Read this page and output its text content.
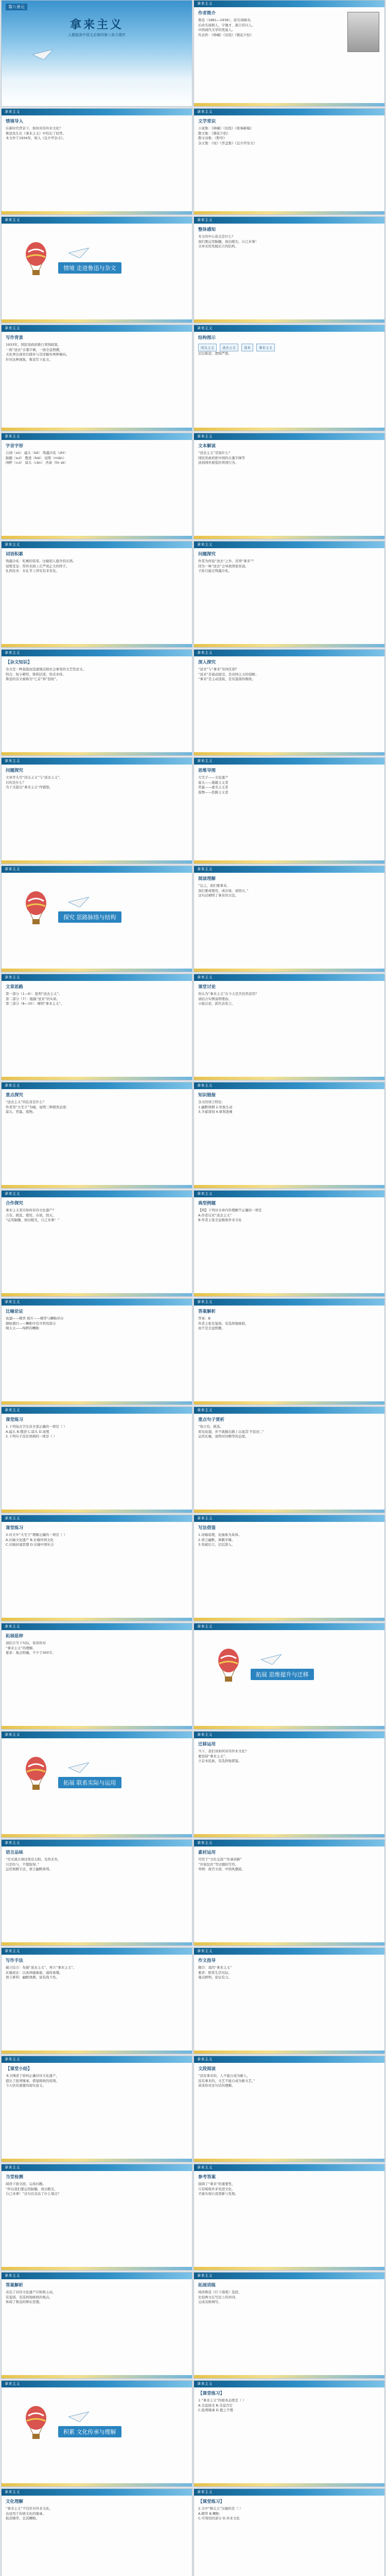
第八单元
拿来主义
人教版高中语文必修四第八单元课件
拿来主义
情境导入
在新时代背景下，如何对待外来文化？
鲁迅先生在《拿来主义》中给出了回答。
本文作于1934年，收入《且介亭杂文》。
拿来主义
情境 走进鲁迅与杂文
拿来主义
写作背景
1933年，国民党政府推行卖国政策，
一面“送去”古董字画，一面全盘照搬，
文化界出现盲目排外与崇洋媚外两种倾向。
针对这种现象，鲁迅写下此文。
拿来主义
字音字形
自诩（xǔ） 磕头（kē） 残羹冷炙（zhì）
脑髓（suǐ） 蹩进（bié） 冠冕（miǎn）
国粹（cuì） 孱头（càn） 吝啬（lìn sè）
拿来主义
词语积累
残羹冷炙：吃剩的饭菜，比喻别人施舍的东西。
冠冕堂皇：形容表面上庄严或正大的样子。
礼尚往来：在礼节上讲究有来有往。
拿来主义
【杂文知识】
杂文是一种直接而迅速地反映社会事变的文艺性论文。
特点：短小精悍，锋利活泼，形式多样。
鲁迅的杂文被称为“匕首”和“投枪”。
拿来主义
问题探究
文章开头写“闭关主义”与“送去主义”，
目的是什么？
为下文提出“拿来主义”作铺垫。
拿来主义
探究 思路脉络与结构
拿来主义
文章思路
第一部分（1—6）：批判“送去主义”。
第二部分（7）：揭露“送来”的实质。
第三部分（8—10）：阐明“拿来主义”。
拿来主义
重点探究
“送去主义”的危害是什么？
作者用“大宅子”为喻，说明三种错误态度：
孱头、昏蛋、废物。
拿来主义
合作探究
拿来主义者应如何对待文化遗产？
占有、挑选、使用、存放、毁灭。
“运用脑髓，放出眼光，自己来拿！”
拿来主义
比喻论证
鱼翅——精华 鸦片——精华与糟粕并存
烟枪烟灯——糟粕中有可利用部分
姨太太——纯粹的糟粕
拿来主义
课堂练习
1.下列加点字注音全部正确的一项是（ ）
A.磕头 B.蹩进 C.孱头 D.冠冕
2.下列句子没有语病的一项是（ ）
拿来主义
课堂练习
3.对文中“大宅子”理解正确的一项是（ ）
A.比喻文化遗产 B.比喻外国文化
C.比喻封建思想 D.比喻中国社会
拿来主义
拓展延伸
请结合当下实际，谈谈你对
“拿来主义”的理解。
要求：观点明确，不少于300字。
拿来主义
拓展 联系实际与运用
拿来主义
语言品味
“尼采就自诩过他是太阳，光热无穷，
只是给与，不想取得。”
运用讽刺手法，语言幽默犀利。
拿来主义
写作手法
破立结合：先破“送去主义”，再立“拿来主义”。
比喻论证：以具体喻抽象，通俗易懂。
语言犀利：幽默讽刺，富有战斗性。
拿来主义
【课堂小结】
本文阐述了如何正确对待文化遗产，
提出了批判继承、借鉴吸收的原则。
今天仍有重要的现实意义。
拿来主义
当堂检测
阅读下面文段，完成问题。
“所以我们要运用脑髓，放出眼光，
自己来拿！”这句话表达了什么观点？
拿来主义
答案解析
表达了对待文化遗产应积极主动，
有鉴别、有选择地吸收的观点。
体现了鲁迅的辩证思想。
拿来主义
积累 文化传承与理解
拿来主义
文化理解
“拿来主义”不仅针对外来文化，
也适用于传统文化的继承。
取其精华，去其糟粕。
拿来主义
作者简介
鲁迅（1881—1936），原名周樟寿，
后改名周树人，字豫才，浙江绍兴人。
中国现代文学的奠基人。
代表作：《呐喊》《彷徨》《朝花夕拾》
拿来主义
文学常识
小说集：《呐喊》《彷徨》《故事新编》
散文集：《朝花夕拾》
散文诗集：《野草》
杂文集：《坟》《华盖集》《且介亭杂文》
拿来主义
整体感知
本文的中心论点是什么？
我们要运用脑髓，放出眼光，自己来拿！
文章采用先破后立的结构。
拿来主义
结构图示
闭关主义	送去主义	送来	拿来主义
层层推进，逻辑严密。
拿来主义
文本解读
“送去主义”是指什么？
国民党政府把中国的古董字画等
送到国外展览的卖国行为。
拿来主义
问题探究
作者为何说“送去”之外，还得“拿来”？
因为一味“送去”会导致国家贫弱，
子孙只能讨残羹冷炙。
拿来主义
深入探究
“送来”与“拿来”有何区别？
“送来”是被动接受，是帝国主义的侵略；
“拿来”是主动选取，是有鉴别的吸收。
拿来主义
思维导图
大宅子——文化遗产
孱头——逃避主义者
昏蛋——虚无主义者
废物——投降主义者
拿来主义
阅读理解
“总之，我们要拿来。
我们要或使用，或存放，或毁灭。”
这句话阐明了拿来的方法。
拿来主义
课堂讨论
你认为“拿来主义”在今天是否仍然适用？
请结合实例说明理由。
小组讨论，派代表发言。
拿来主义
知识链接
杂文的语言特色：
1.幽默讽刺 2.形象生动
3.含蓄深刻 4.犀利泼辣
拿来主义
典型例题
【例】下列对文章内容理解不正确的一项是
A.作者反对“送去主义”
B.作者主张全盘吸收外来文化
拿来主义
答案解析
答案：B
作者主张有鉴别、有选择地吸收，
而不是全盘照搬。
拿来主义
重点句子赏析
“他占有，挑选。
看见鱼翅，并不就抛在路上以显其‘平民化’。”
运用比喻，说明对待精华的态度。
拿来主义
写法借鉴
1.设喻说理，化抽象为具体。
2.语言幽默，讽刺辛辣。
3.先破后立，层层深入。
拿来主义
拓展 思维提升与迁移
拿来主义
迁移运用
当下，我们该如何对待外来文化？
要坚持“拿来主义”，
立足本民族，有选择地借鉴。
拿来主义
素材运用
可用于“文化交流”“传承创新”
“开放包容”等话题的写作。
举例：故宫文创、中国风潮流。
拿来主义
作文指导
题目：我的“拿来主义”
要求：联系生活实际，
观点鲜明，论证有力。
拿来主义
文段阅读
“没有拿来的，人不能自成为新人，
没有拿来的，文艺不能自成为新文艺。”
谈谈你对这句话的理解。
拿来主义
参考答案
强调了“拿来”的重要性，
只有吸收外来先进文化，
才能实现自我更新与发展。
拿来主义
拓展训练
阅读鲁迅《灯下漫笔》选段，
比较两文在写法上的异同。
完成表格填写。
拿来主义
【课堂练习】
1.“拿来主义”的根本态度是（ ）
A.全盘接受 B.全盘否定
C.批判继承 D.置之不理
拿来主义
【课堂练习】
2.文中“姨太太”比喻的是（ ）
A.精华 B.糟粕
C.可利用的部分 D.外来文化
